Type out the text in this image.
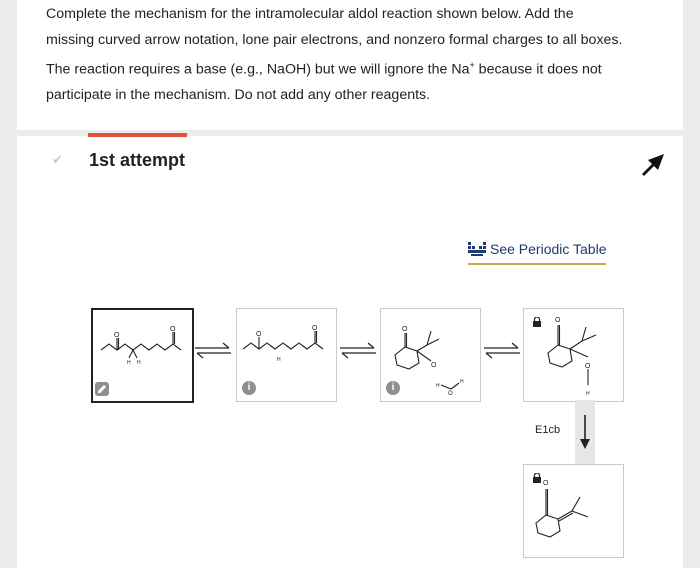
Complete the mechanism for the intramolecular aldol reaction shown below. Add the
missing curved arrow notation, lone pair electrons, and nonzero formal charges to all boxes.
The reaction requires a base (e.g., NaOH) but we will ignore the Na+ because it does not
participate in the mechanism. Do not add any other reagents.
✔ 1st attempt
See Periodic Table
O
O
H H
O
O
H
i
O
O
H
O
H
i
O
O
H
E1cb
O
